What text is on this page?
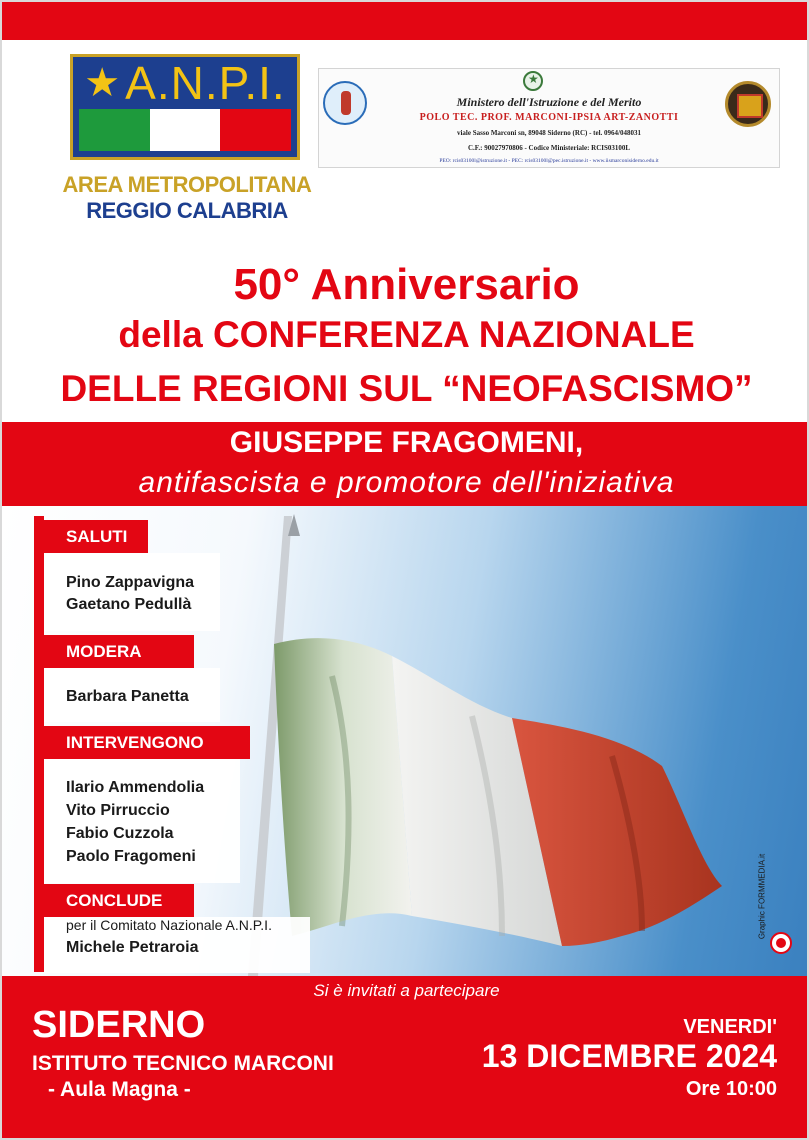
★ A.N.P.I.
AREA METROPOLITANA
REGGIO CALABRIA
★
Ministero dell'Istruzione e del Merito
POLO TEC. PROF. MARCONI-IPSIA ART-ZANOTTI
viale Sasso Marconi sn, 89048 Siderno (RC) - tel. 0964/048031
C.F.: 90027970806 - Codice Ministeriale: RCIS03100L
PEO: rcis03100l@istruzione.it - PEC: rcis03100l@pec.istruzione.it - www.iismarconisiderno.edu.it
50° Anniversario
della CONFERENZA NAZIONALE
DELLE REGIONI SUL “NEOFASCISMO”
GIUSEPPE FRAGOMENI,
antifascista e promotore dell'iniziativa
SALUTI
Pino Zappavigna
Gaetano Pedullà
MODERA
Barbara Panetta
INTERVENGONO
Ilario Ammendolia
Vito Pirruccio
Fabio Cuzzola
Paolo Fragomeni
CONCLUDE
per il Comitato Nazionale A.N.P.I.
Michele Petraroia
Graphic FORMMEDIA.it
Si è invitati a partecipare
SIDERNO
ISTITUTO TECNICO MARCONI
- Aula Magna -
VENERDI'
13 DICEMBRE 2024
Ore 10:00
